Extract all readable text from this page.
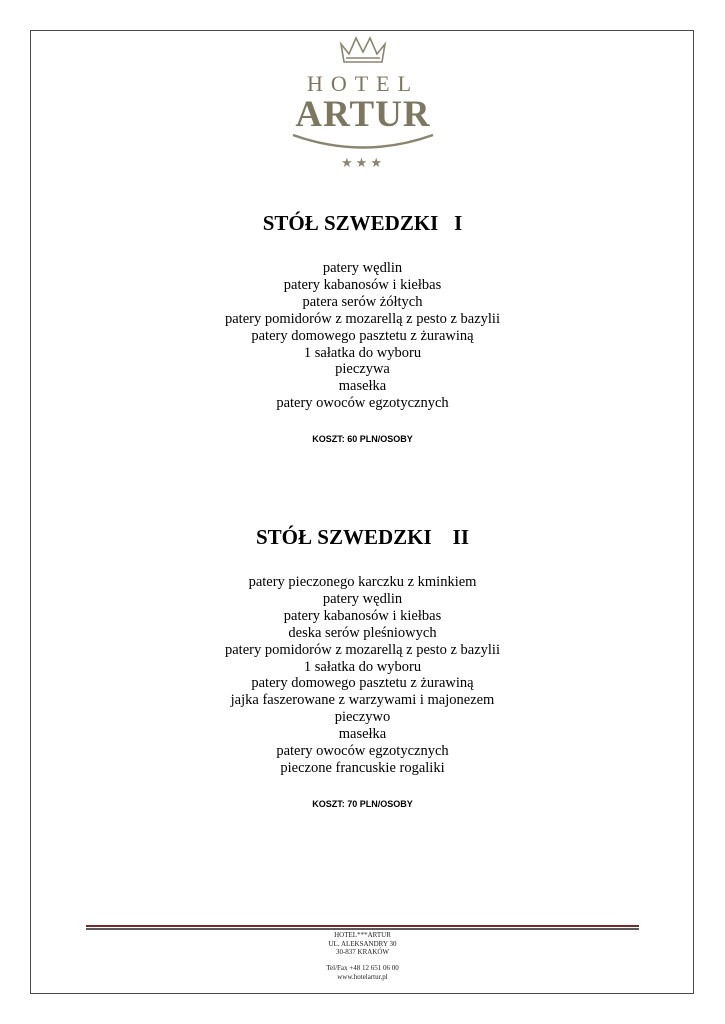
HOTEL
ARTUR
★★★
STÓŁ SZWEDZKI   I
patery wędlin
patery kabanosów i kiełbas
patera serów żółtych
patery pomidorów z mozarellą z pesto z bazylii
patery domowego pasztetu z żurawiną
1 sałatka do wyboru
pieczywa
masełka
patery owoców egzotycznych
KOSZT: 60 PLN/OSOBY
STÓŁ SZWEDZKI    II
patery pieczonego karczku z kminkiem
patery wędlin
patery kabanosów i kiełbas
deska serów pleśniowych
patery pomidorów z mozarellą z pesto z bazylii
1 sałatka do wyboru
patery domowego pasztetu z żurawiną
jajka faszerowane z warzywami i majonezem
pieczywo
masełka
patery owoców egzotycznych
pieczone francuskie rogaliki
KOSZT: 70 PLN/OSOBY
HOTEL***ARTUR
UL. ALEKSANDRY 30
30-837 KRAKÓW
Tel/Fax +48 12 651 06 00
www.hotelartur.pl
